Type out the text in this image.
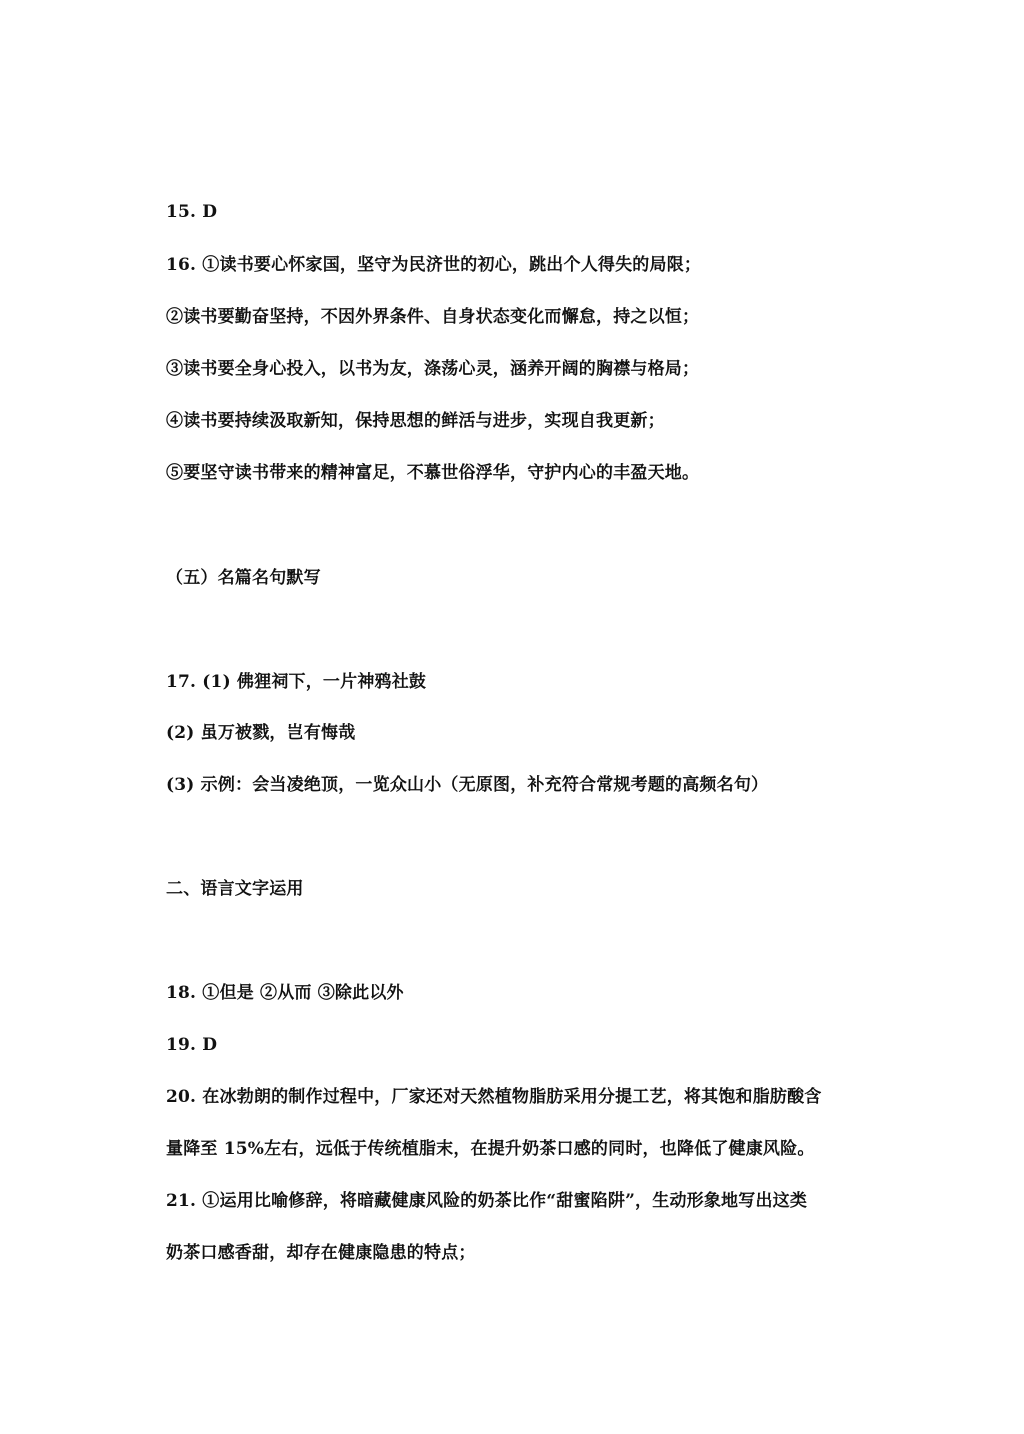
15. D
16. ①读书要心怀家国，坚守为民济世的初心，跳出个人得失的局限；
②读书要勤奋坚持，不因外界条件、自身状态变化而懈怠，持之以恒；
③读书要全身心投入，以书为友，涤荡心灵，涵养开阔的胸襟与格局；
④读书要持续汲取新知，保持思想的鲜活与进步，实现自我更新；
⑤要坚守读书带来的精神富足，不慕世俗浮华，守护内心的丰盈天地。
（五）名篇名句默写
17. (1) 佛狸祠下，一片神鸦社鼓
(2) 虽万被戮，岂有悔哉
(3) 示例：会当凌绝顶，一览众山小（无原图，补充符合常规考题的高频名句）
二、语言文字运用
18. ①但是 ②从而 ③除此以外
19. D
20. 在冰勃朗的制作过程中，厂家还对天然植物脂肪采用分提工艺，将其饱和脂肪酸含
量降至 15%左右，远低于传统植脂末，在提升奶茶口感的同时，也降低了健康风险。
21. ①运用比喻修辞，将暗藏健康风险的奶茶比作“甜蜜陷阱”，生动形象地写出这类
奶茶口感香甜，却存在健康隐患的特点；
